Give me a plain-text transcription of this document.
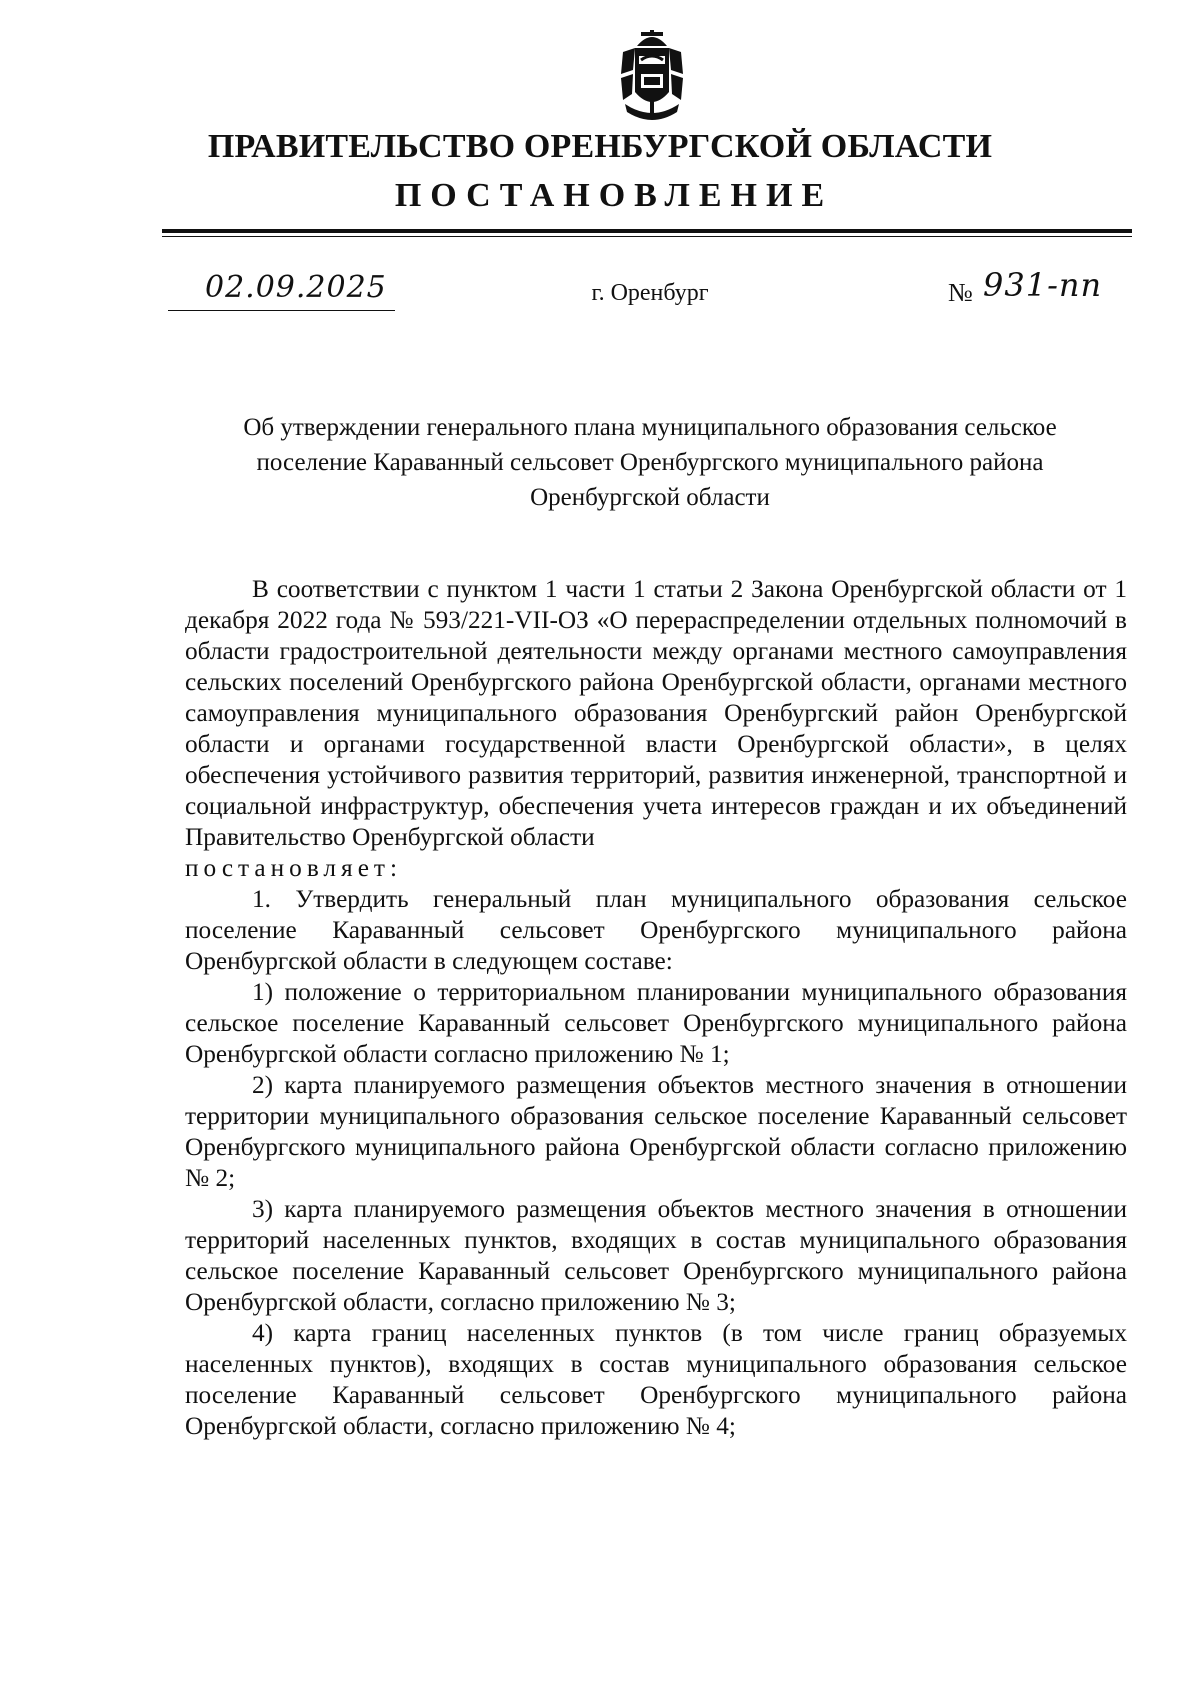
ПРАВИТЕЛЬСТВО ОРЕНБУРГСКОЙ ОБЛАСТИ
ПОСТАНОВЛЕНИЕ
02.09.2025	г. Оренбург	№ 931-пп
Об утверждении генерального плана муниципального образования сельское поселение Караванный сельсовет Оренбургского муниципального района Оренбургской области

В соответствии с пунктом 1 части 1 статьи 2 Закона Оренбургской области от 1 декабря 2022 года № 593/221-VII-ОЗ «О перераспределении отдельных полномочий в области градостроительной деятельности между органами местного самоуправления сельских поселений Оренбургского района Оренбургской области, органами местного самоуправления муниципального образования Оренбургский район Оренбургской области и органами государственной власти Оренбургской области», в целях обеспечения устойчивого развития территорий, развития инженерной, транспортной и социальной инфраструктур, обеспечения учета интересов граждан и их объединений Правительство Оренбургской области

постановляет:

1. Утвердить генеральный план муниципального образования сельское поселение Караванный сельсовет Оренбургского муниципального района Оренбургской области в следующем составе:

1) положение о территориальном планировании муниципального образования сельское поселение Караванный сельсовет Оренбургского муниципального района Оренбургской области согласно приложению № 1;

2) карта планируемого размещения объектов местного значения в отношении территории муниципального образования сельское поселение Караванный сельсовет Оренбургского муниципального района Оренбургской области согласно приложению № 2;

3) карта планируемого размещения объектов местного значения в отношении территорий населенных пунктов, входящих в состав муниципального образования сельское поселение Караванный сельсовет Оренбургского муниципального района Оренбургской области, согласно приложению № 3;

4) карта границ населенных пунктов (в том числе границ образуемых населенных пунктов), входящих в состав муниципального образования сельское поселение Караванный сельсовет Оренбургского муниципального района Оренбургской области, согласно приложению № 4;
